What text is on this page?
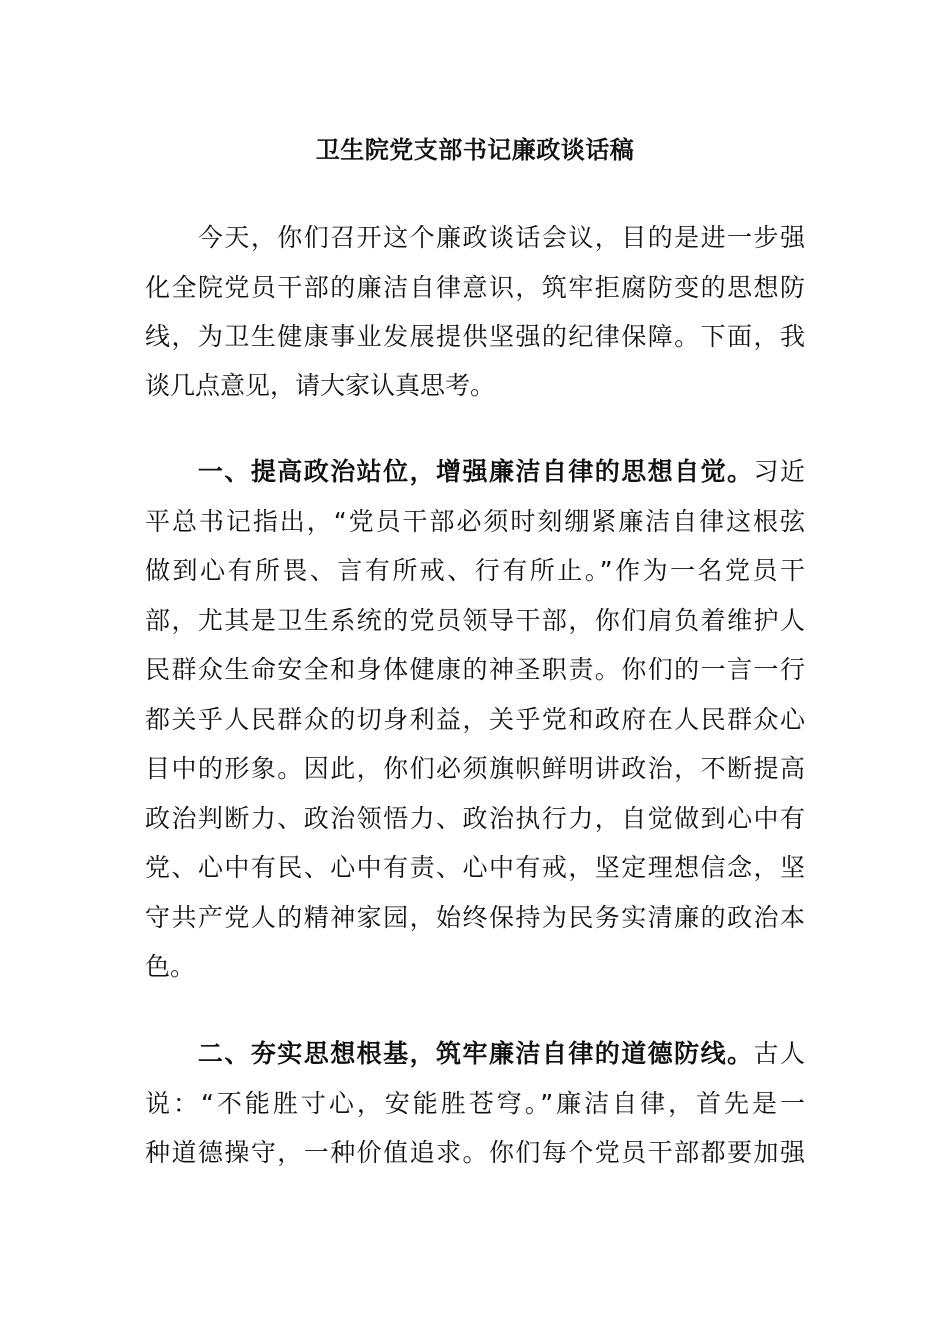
卫生院党支部书记廉政谈话稿
　　今天，你们召开这个廉政谈话会议，目的是进一步强
化全院党员干部的廉洁自律意识，筑牢拒腐防变的思想防
线，为卫生健康事业发展提供坚强的纪律保障。下面，我
谈几点意见，请大家认真思考。
　　一、提高政治站位，增强廉洁自律的思想自觉。习近
平总书记指出，“党员干部必须时刻绷紧廉洁自律这根弦
做到心有所畏、言有所戒、行有所止。”作为一名党员干
部，尤其是卫生系统的党员领导干部，你们肩负着维护人
民群众生命安全和身体健康的神圣职责。你们的一言一行
都关乎人民群众的切身利益，关乎党和政府在人民群众心
目中的形象。因此，你们必须旗帜鲜明讲政治，不断提高
政治判断力、政治领悟力、政治执行力，自觉做到心中有
党、心中有民、心中有责、心中有戒，坚定理想信念，坚
守共产党人的精神家园，始终保持为民务实清廉的政治本
色。
　　二、夯实思想根基，筑牢廉洁自律的道德防线。古人
说：“不能胜寸心，安能胜苍穹。”廉洁自律，首先是一
种道德操守，一种价值追求。你们每个党员干部都要加强
